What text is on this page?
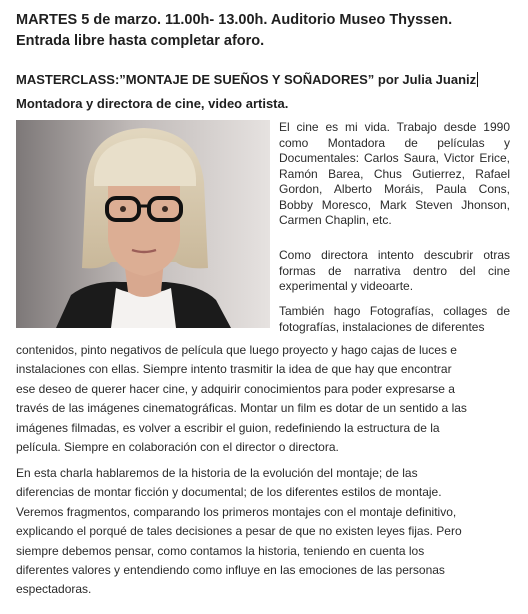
MARTES 5 de marzo. 11.00h- 13.00h. Auditorio Museo Thyssen.
Entrada libre hasta completar aforo.
MASTERCLASS:”MONTAJE DE SUEÑOS Y SOÑADORES” por Julia Juaniz
Montadora y directora de cine, video artista.
El cine es mi vida. Trabajo desde 1990 como Montadora de películas y Documentales: Carlos Saura, Victor Erice, Ramón Barea, Chus Gutierrez, Rafael Gordon, Alberto Moráis, Paula Cons, Bobby Moresco, Mark Steven Jhonson, Carmen Chaplin, etc.
Como directora intento descubrir otras formas de narrativa dentro del cine experimental y videoarte.
También hago Fotografías, collages de fotografías, instalaciones de diferentes
contenidos, pinto negativos de película que luego proyecto y hago cajas de luces e
instalaciones con ellas. Siempre intento trasmitir la idea de que hay que encontrar
ese deseo de querer hacer cine, y adquirir conocimientos para poder expresarse a
través de las imágenes cinematográficas. Montar un film es dotar de un sentido a las
imágenes filmadas, es volver a escribir el guion, redefiniendo la estructura de la
película. Siempre en colaboración con el director o directora.
En esta charla hablaremos de la historia de la evolución del montaje; de las
diferencias de montar ficción y documental; de los diferentes estilos de montaje.
Veremos fragmentos, comparando los primeros montajes con el montaje definitivo,
explicando el porqué de tales decisiones a pesar de que no existen leyes fijas. Pero
siempre debemos pensar, como contamos la historia, teniendo en cuenta los
diferentes valores y entendiendo como influye en las emociones de las personas
espectadoras.
